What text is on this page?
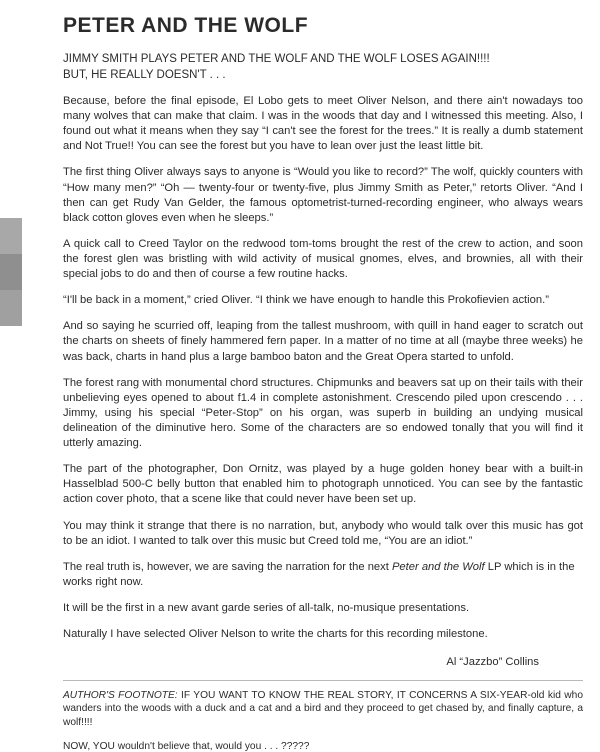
PETER AND THE WOLF
JIMMY SMITH PLAYS PETER AND THE WOLF AND THE WOLF LOSES AGAIN!!!!
BUT, HE REALLY DOESN'T . . .

Because, before the final episode, El Lobo gets to meet Oliver Nelson, and there ain't nowadays too many wolves that can make that claim. I was in the woods that day and I witnessed this meeting. Also, I found out what it means when they say “I can't see the forest for the trees.” It is really a dumb statement and Not True!! You can see the forest but you have to lean over just the least little bit.

The first thing Oliver always says to anyone is “Would you like to record?” The wolf, quickly counters with “How many men?” “Oh — twenty-four or twenty-five, plus Jimmy Smith as Peter,” retorts Oliver. “And I then can get Rudy Van Gelder, the famous optometrist-turned-recording engineer, who always wears black cotton gloves even when he sleeps.”

A quick call to Creed Taylor on the redwood tom-toms brought the rest of the crew to action, and soon the forest glen was bristling with wild activity of musical gnomes, elves, and brownies, all with their special jobs to do and then of course a few routine hacks.

“I'll be back in a moment,” cried Oliver. “I think we have enough to handle this Prokofievien action.”

And so saying he scurried off, leaping from the tallest mushroom, with quill in hand eager to scratch out the charts on sheets of finely hammered fern paper. In a matter of no time at all (maybe three weeks) he was back, charts in hand plus a large bamboo baton and the Great Opera started to unfold.

The forest rang with monumental chord structures. Chipmunks and beavers sat up on their tails with their unbelieving eyes opened to about f1.4 in complete astonishment. Crescendo piled upon crescendo . . . Jimmy, using his special “Peter-Stop” on his organ, was superb in building an undying musical delineation of the diminutive hero. Some of the characters are so endowed tonally that you will find it utterly amazing.

The part of the photographer, Don Ornitz, was played by a huge golden honey bear with a built-in Hasselblad 500-C belly button that enabled him to photograph unnoticed. You can see by the fantastic action cover photo, that a scene like that could never have been set up.

You may think it strange that there is no narration, but, anybody who would talk over this music has got to be an idiot. I wanted to talk over this music but Creed told me, “You are an idiot.”

The real truth is, however, we are saving the narration for the next Peter and the Wolf LP which is in the works right now.

It will be the first in a new avant garde series of all-talk, no-musique presentations.

Naturally I have selected Oliver Nelson to write the charts for this recording milestone.

Al “Jazzbo” Collins

AUTHOR'S FOOTNOTE: IF YOU WANT TO KNOW THE REAL STORY, IT CONCERNS A SIX-YEAR-old kid who wanders into the woods with a duck and a cat and a bird and they proceed to get chased by, and finally capture, a wolf!!!!

NOW, YOU wouldn't believe that, would you . . . ?????
